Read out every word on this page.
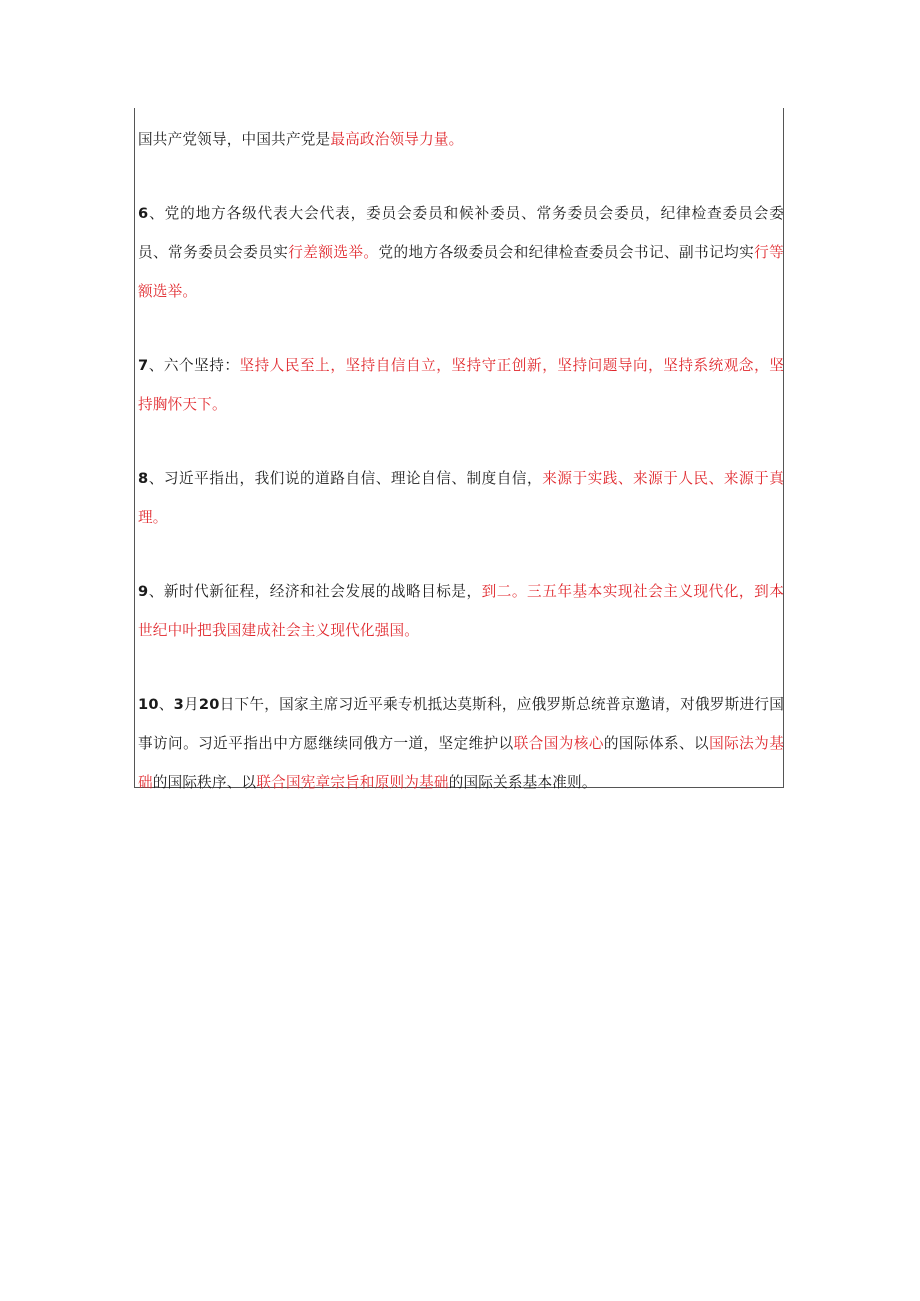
国共产党领导，中国共产党是最高政治领导力量。

6、党的地方各级代表大会代表，委员会委员和候补委员、常务委员会委员，纪律检查委员会委员、常务委员会委员实行差额选举。党的地方各级委员会和纪律检查委员会书记、副书记均实行等额选举。

7、六个坚持：坚持人民至上，坚持自信自立，坚持守正创新，坚持问题导向，坚持系统观念，坚持胸怀天下。

8、习近平指出，我们说的道路自信、理论自信、制度自信，来源于实践、来源于人民、来源于真理。

9、新时代新征程，经济和社会发展的战略目标是，到二。三五年基本实现社会主义现代化，到本世纪中叶把我国建成社会主义现代化强国。

10、3月20日下午，国家主席习近平乘专机抵达莫斯科，应俄罗斯总统普京邀请，对俄罗斯进行国事访问。习近平指出中方愿继续同俄方一道，坚定维护以联合国为核心的国际体系、以国际法为基础的国际秩序、以联合国宪章宗旨和原则为基础的国际关系基本准则。
